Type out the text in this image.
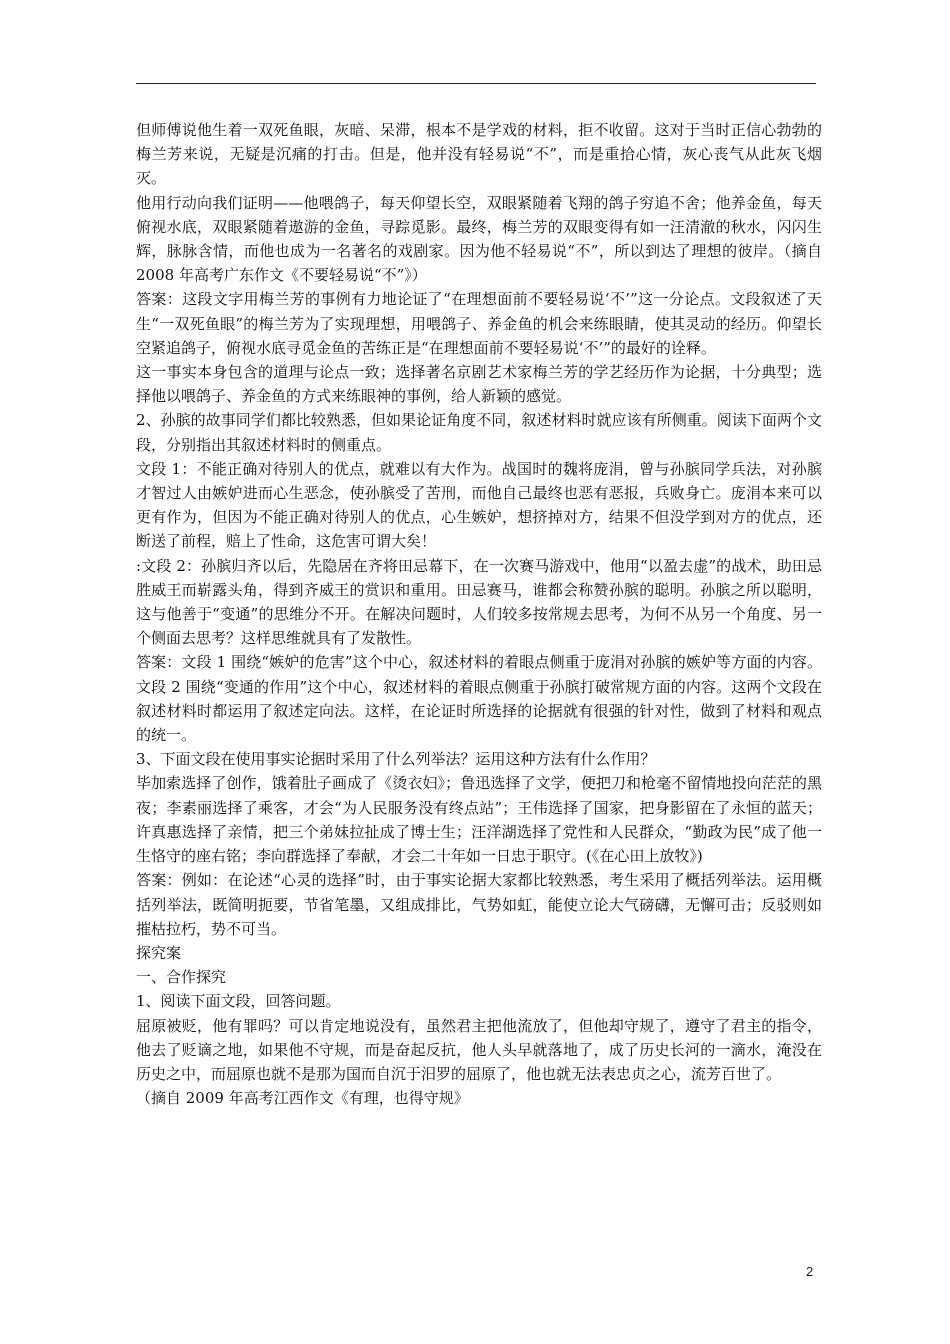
但师傅说他生着一双死鱼眼，灰暗、呆滞，根本不是学戏的材料，拒不收留。这对于当时正信心勃勃的梅兰芳来说，无疑是沉痛的打击。但是，他并没有轻易说“不”，而是重拾心情，灰心丧气从此灰飞烟灭。

他用行动向我们证明——他喂鸽子，每天仰望长空，双眼紧随着飞翔的鸽子穷追不舍；他养金鱼，每天俯视水底，双眼紧随着遨游的金鱼，寻踪觅影。最终，梅兰芳的双眼变得有如一汪清澈的秋水，闪闪生辉，脉脉含情，而他也成为一名著名的戏剧家。因为他不轻易说“不”，所以到达了理想的彼岸。（摘自 2008 年高考广东作文《不要轻易说“不”》）

答案：这段文字用梅兰芳的事例有力地论证了“在理想面前不要轻易说‘不’”这一分论点。文段叙述了天生“一双死鱼眼”的梅兰芳为了实现理想，用喂鸽子、养金鱼的机会来练眼睛，使其灵动的经历。仰望长空紧追鸽子，俯视水底寻觅金鱼的苦练正是“在理想面前不要轻易说‘不’”的最好的诠释。

这一事实本身包含的道理与论点一致；选择著名京剧艺术家梅兰芳的学艺经历作为论据，十分典型；选择他以喂鸽子、养金鱼的方式来练眼神的事例，给人新颖的感觉。

2、孙膑的故事同学们都比较熟悉，但如果论证角度不同，叙述材料时就应该有所侧重。阅读下面两个文段，分别指出其叙述材料时的侧重点。

文段 1：不能正确对待别人的优点，就难以有大作为。战国时的魏将庞涓，曾与孙膑同学兵法，对孙膑才智过人由嫉妒进而心生恶念，使孙膑受了苦刑，而他自己最终也恶有恶报，兵败身亡。庞涓本来可以更有作为，但因为不能正确对待别人的优点，心生嫉妒，想挤掉对方，结果不但没学到对方的优点，还断送了前程，赔上了性命，这危害可谓大矣！

:文段 2：孙膑归齐以后，先隐居在齐将田忌幕下，在一次赛马游戏中，他用“以盈去虚”的战术，助田忌胜威王而崭露头角，得到齐威王的赏识和重用。田忌赛马，谁都会称赞孙膑的聪明。孙膑之所以聪明，这与他善于“变通”的思维分不开。在解决问题时，人们较多按常规去思考，为何不从另一个角度、另一个侧面去思考？这样思维就具有了发散性。

答案：文段 1 围绕“嫉妒的危害”这个中心，叙述材料的着眼点侧重于庞涓对孙膑的嫉妒等方面的内容。文段 2 围绕“变通的作用”这个中心，叙述材料的着眼点侧重于孙膑打破常规方面的内容。这两个文段在叙述材料时都运用了叙述定向法。这样，在论证时所选择的论据就有很强的针对性，做到了材料和观点的统一。

3、下面文段在使用事实论据时采用了什么列举法？运用这种方法有什么作用？

毕加索选择了创作，饿着肚子画成了《烫衣妇》；鲁迅选择了文学，便把刀和枪毫不留情地投向茫茫的黑夜；李素丽选择了乘客，才会“为人民服务没有终点站”；王伟选择了国家，把身影留在了永恒的蓝天；许真惠选择了亲情，把三个弟妹拉扯成了博士生；汪洋湖选择了党性和人民群众，“勤政为民”成了他一生恪守的座右铭；李向群选择了奉献，才会二十年如一日忠于职守。(《在心田上放牧》)

答案：例如：在论述“心灵的选择”时，由于事实论据大家都比较熟悉，考生采用了概括列举法。运用概括列举法，既简明扼要，节省笔墨，又组成排比，气势如虹，能使立论大气磅礴，无懈可击；反驳则如摧枯拉朽，势不可当。

探究案

一、合作探究

1、阅读下面文段，回答问题。

屈原被贬，他有罪吗？可以肯定地说没有，虽然君主把他流放了，但他却守规了，遵守了君主的指令，他去了贬谪之地，如果他不守规，而是奋起反抗，他人头早就落地了，成了历史长河的一滴水，淹没在历史之中，而屈原也就不是那为国而自沉于汨罗的屈原了，他也就无法表忠贞之心，流芳百世了。

（摘自 2009 年高考江西作文《有理，也得守规》

2
